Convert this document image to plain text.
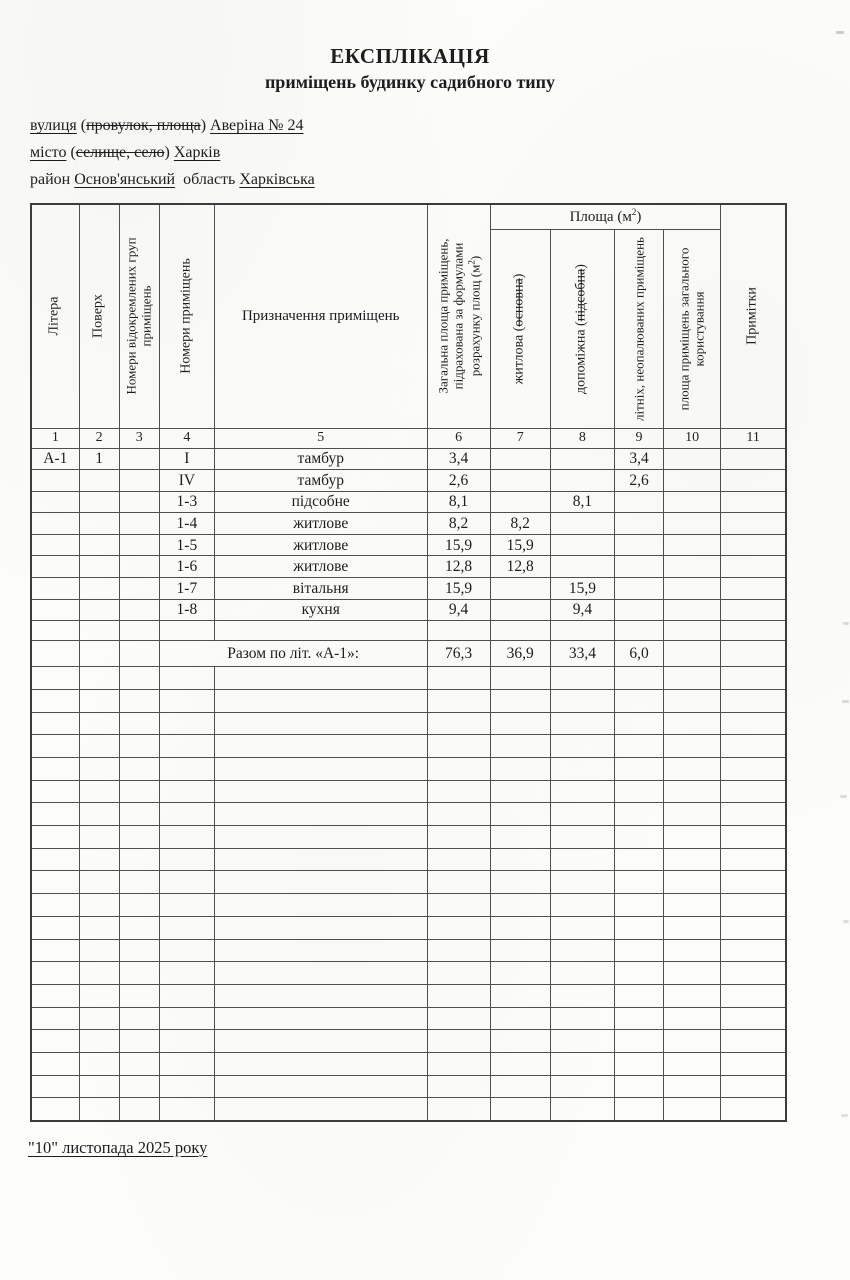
ЕКСПЛІКАЦІЯ
приміщень будинку садибного типу
вулиця (провулок, площа) Аверіна № 24
місто (селище, село) Харків
район Основ'янський  область Харківська
Літера	Поверх	Номери відокремлених груп приміщень	Номери приміщень	Призначення приміщень	Загальна площа приміщень, підрахована за формулами розрахунку площ $(м^2)$	Площа $(м^2)$				Примітки

						житлова (основна)	допоміжна (підсобна)	літніх, неопалюваних приміщень	площа приміщень загального користування	

1	2	3	4	5	6	7	8	9	10	11
А-1	1		I	тамбур	3,4			3,4		
			IV	тамбур	2,6			2,6		
			1-3	підсобне	8,1		8,1			
			1-4	житлове	8,2	8,2				
			1-5	житлове	15,9	15,9				
			1-6	житлове	12,8	12,8				
			1-7	вітальня	15,9		15,9			
			1-8	кухня	9,4		9,4			

			Разом по літ. «А-1»:		76,3	36,9	33,4	6,0		

"10" листопада 2025 року
